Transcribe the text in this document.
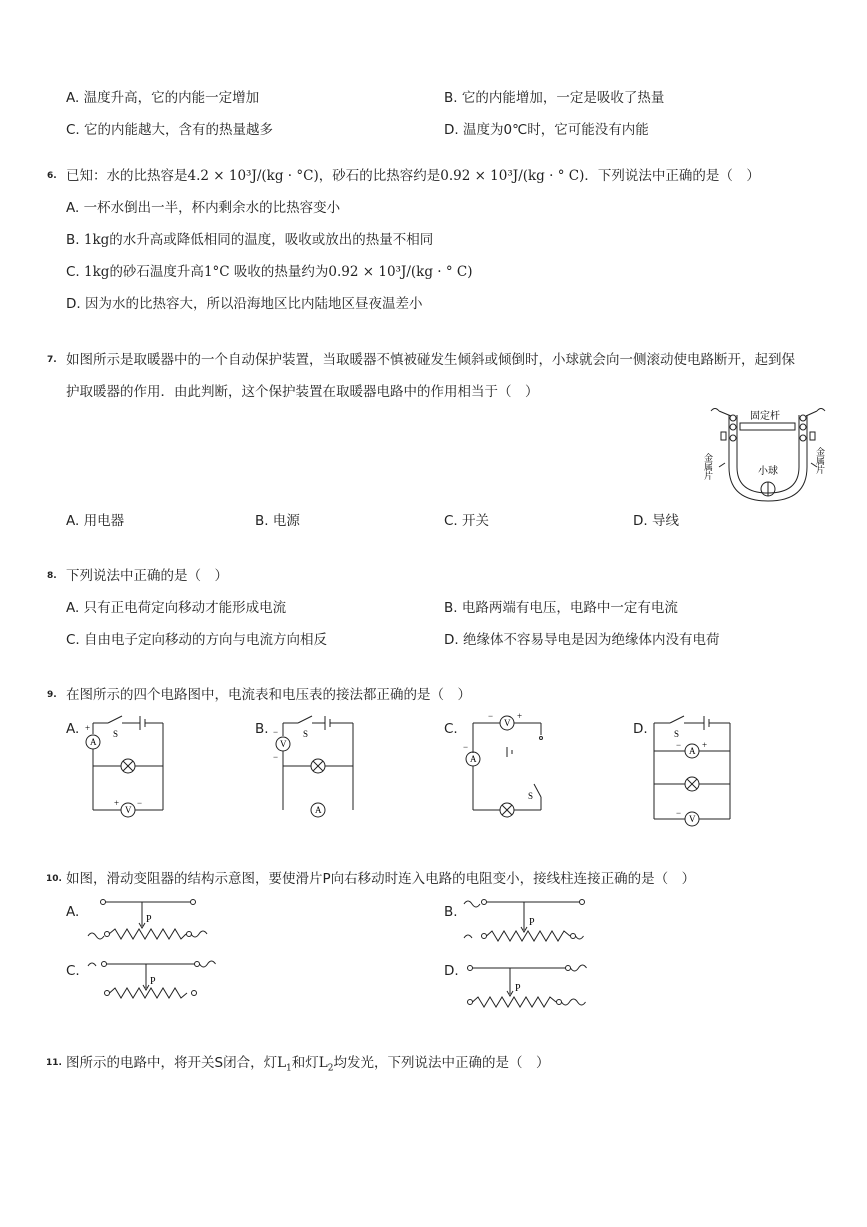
A. 温度升高，它的内能一定增加	B. 它的内能增加，一定是吸收了热量
C. 它的内能越大，含有的热量越多	D. 温度为0℃时，它可能没有内能
6. 已知：水的比热容是4.2 × 10³J/(kg · °C)，砂石的比热容约是0.92 × 10³J/(kg · ° C)．下列说法中正确的是（　）
A. 一杯水倒出一半，杯内剩余水的比热容变小
B. 1kg的水升高或降低相同的温度，吸收或放出的热量不相同
C. 1kg的砂石温度升高1°C 吸收的热量约为0.92 × 10³J/(kg · ° C)
D. 因为水的比热容大，所以沿海地区比内陆地区昼夜温差小
7. 如图所示是取暖器中的一个自动保护装置，当取暖器不慎被碰发生倾斜或倾倒时，小球就会向一侧滚动使电路断开，起到保
护取暖器的作用．由此判断，这个保护装置在取暖器电路中的作用相当于（　）
固定杆
小球
金属片	金属片
A. 用电器	B. 电源	C. 开关	D. 导线
8. 下列说法中正确的是（　）
A. 只有正电荷定向移动才能形成电流	B. 电路两端有电压，电路中一定有电流
C. 自由电子定向移动的方向与电流方向相反	D. 绝缘体不容易导电是因为绝缘体内没有电荷
9. 在图所示的四个电路图中，电流表和电压表的接法都正确的是（　）
A.	B.	C.	D.
A
+
S
V
+ −
V
−
−
S
A
V
−	+
A
−
S
S
A
− +
V
−
10. 如图，滑动变阻器的结构示意图，要使滑片P向右移动时连入电路的电阻变小，接线柱连接正确的是（　）
A.	B.
C.	D.
P	P
P
P
11. 图所示的电路中，将开关S闭合，灯$L_1$和灯$L_2$均发光，下列说法中正确的是（　）
